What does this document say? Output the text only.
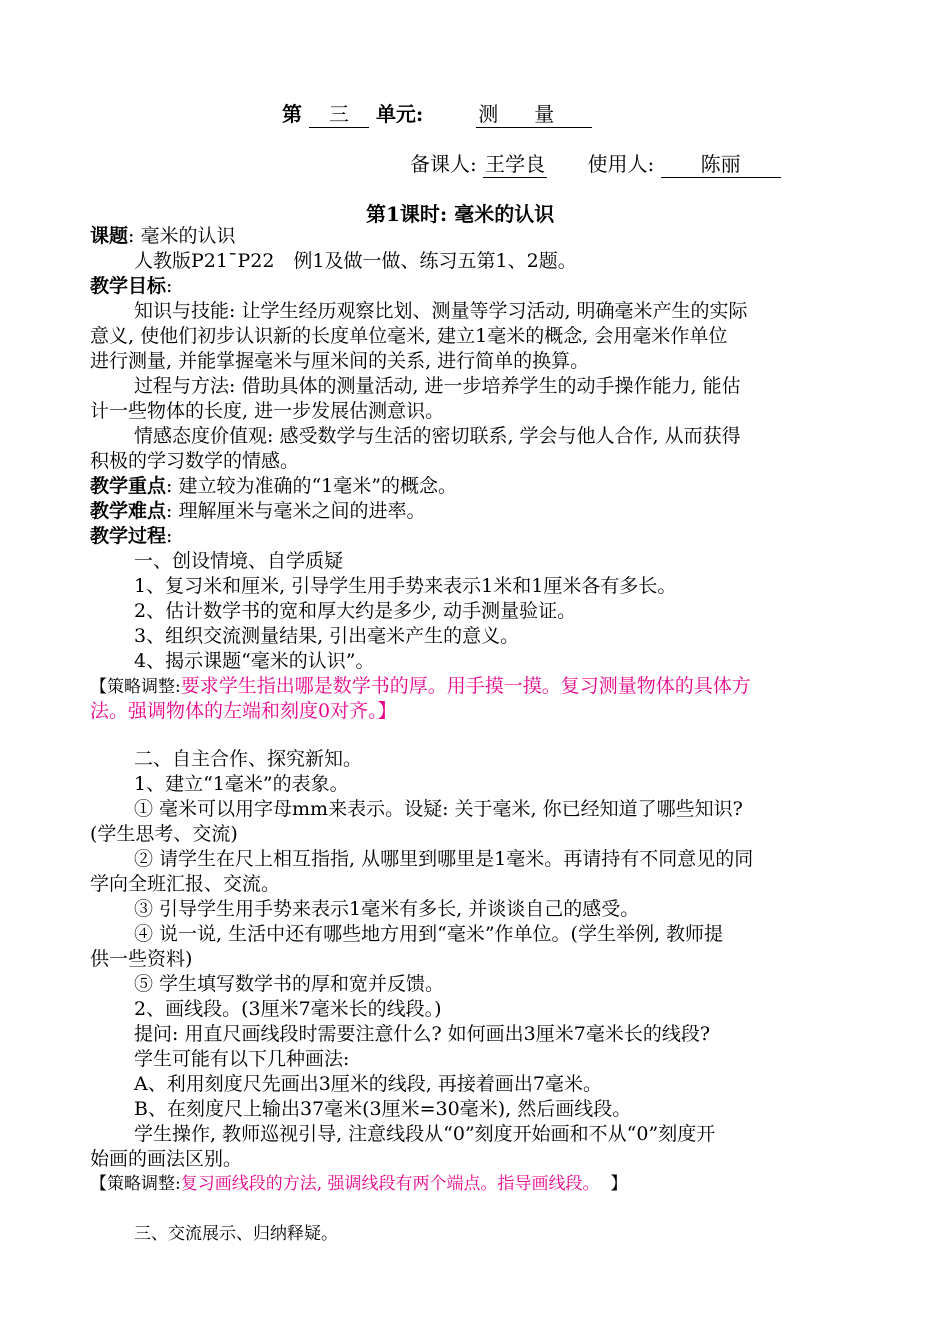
第 三 单元:	测量
备课人: 王学良 使用人: 陈丽
第1课时: 毫米的认识
课题: 毫米的认识
人教版P21¯P22　例1及做一做、练习五第1、2题。
教学目标:
知识与技能: 让学生经历观察比划、测量等学习活动, 明确毫米产生的实际
意义, 使他们初步认识新的长度单位毫米, 建立1毫米的概念, 会用毫米作单位
进行测量, 并能掌握毫米与厘米间的关系, 进行简单的换算。
过程与方法: 借助具体的测量活动, 进一步培养学生的动手操作能力, 能估
计一些物体的长度, 进一步发展估测意识。
情感态度价值观: 感受数学与生活的密切联系, 学会与他人合作, 从而获得
积极的学习数学的情感。
教学重点: 建立较为准确的“1毫米”的概念。
教学难点: 理解厘米与毫米之间的进率。
教学过程:
一、创设情境、自学质疑
1、复习米和厘米, 引导学生用手势来表示1米和1厘米各有多长。
2、估计数学书的宽和厚大约是多少, 动手测量验证。
3、组织交流测量结果, 引出毫米产生的意义。
4、揭示课题“毫米的认识”。
【策略调整:要求学生指出哪是数学书的厚。用手摸一摸。复习测量物体的具体方
法。强调物体的左端和刻度0对齐。】
二、自主合作、探究新知。
1、建立“1毫米”的表象。
① 毫米可以用字母mm来表示。设疑: 关于毫米, 你已经知道了哪些知识?
(学生思考、交流)
② 请学生在尺上相互指指, 从哪里到哪里是1毫米。再请持有不同意见的同
学向全班汇报、交流。
③ 引导学生用手势来表示1毫米有多长, 并谈谈自己的感受。
④ 说一说, 生活中还有哪些地方用到“毫米”作单位。(学生举例, 教师提
供一些资料)
⑤ 学生填写数学书的厚和宽并反馈。
2、画线段。(3厘米7毫米长的线段。)
提问: 用直尺画线段时需要注意什么? 如何画出3厘米7毫米长的线段?
学生可能有以下几种画法:
A、利用刻度尺先画出3厘米的线段, 再接着画出7毫米。
B、在刻度尺上输出37毫米(3厘米=30毫米), 然后画线段。
学生操作, 教师巡视引导, 注意线段从“0”刻度开始画和不从“0”刻度开
始画的画法区别。
【策略调整:复习画线段的方法, 强调线段有两个端点。指导画线段。 】
三、交流展示、归纳释疑。
